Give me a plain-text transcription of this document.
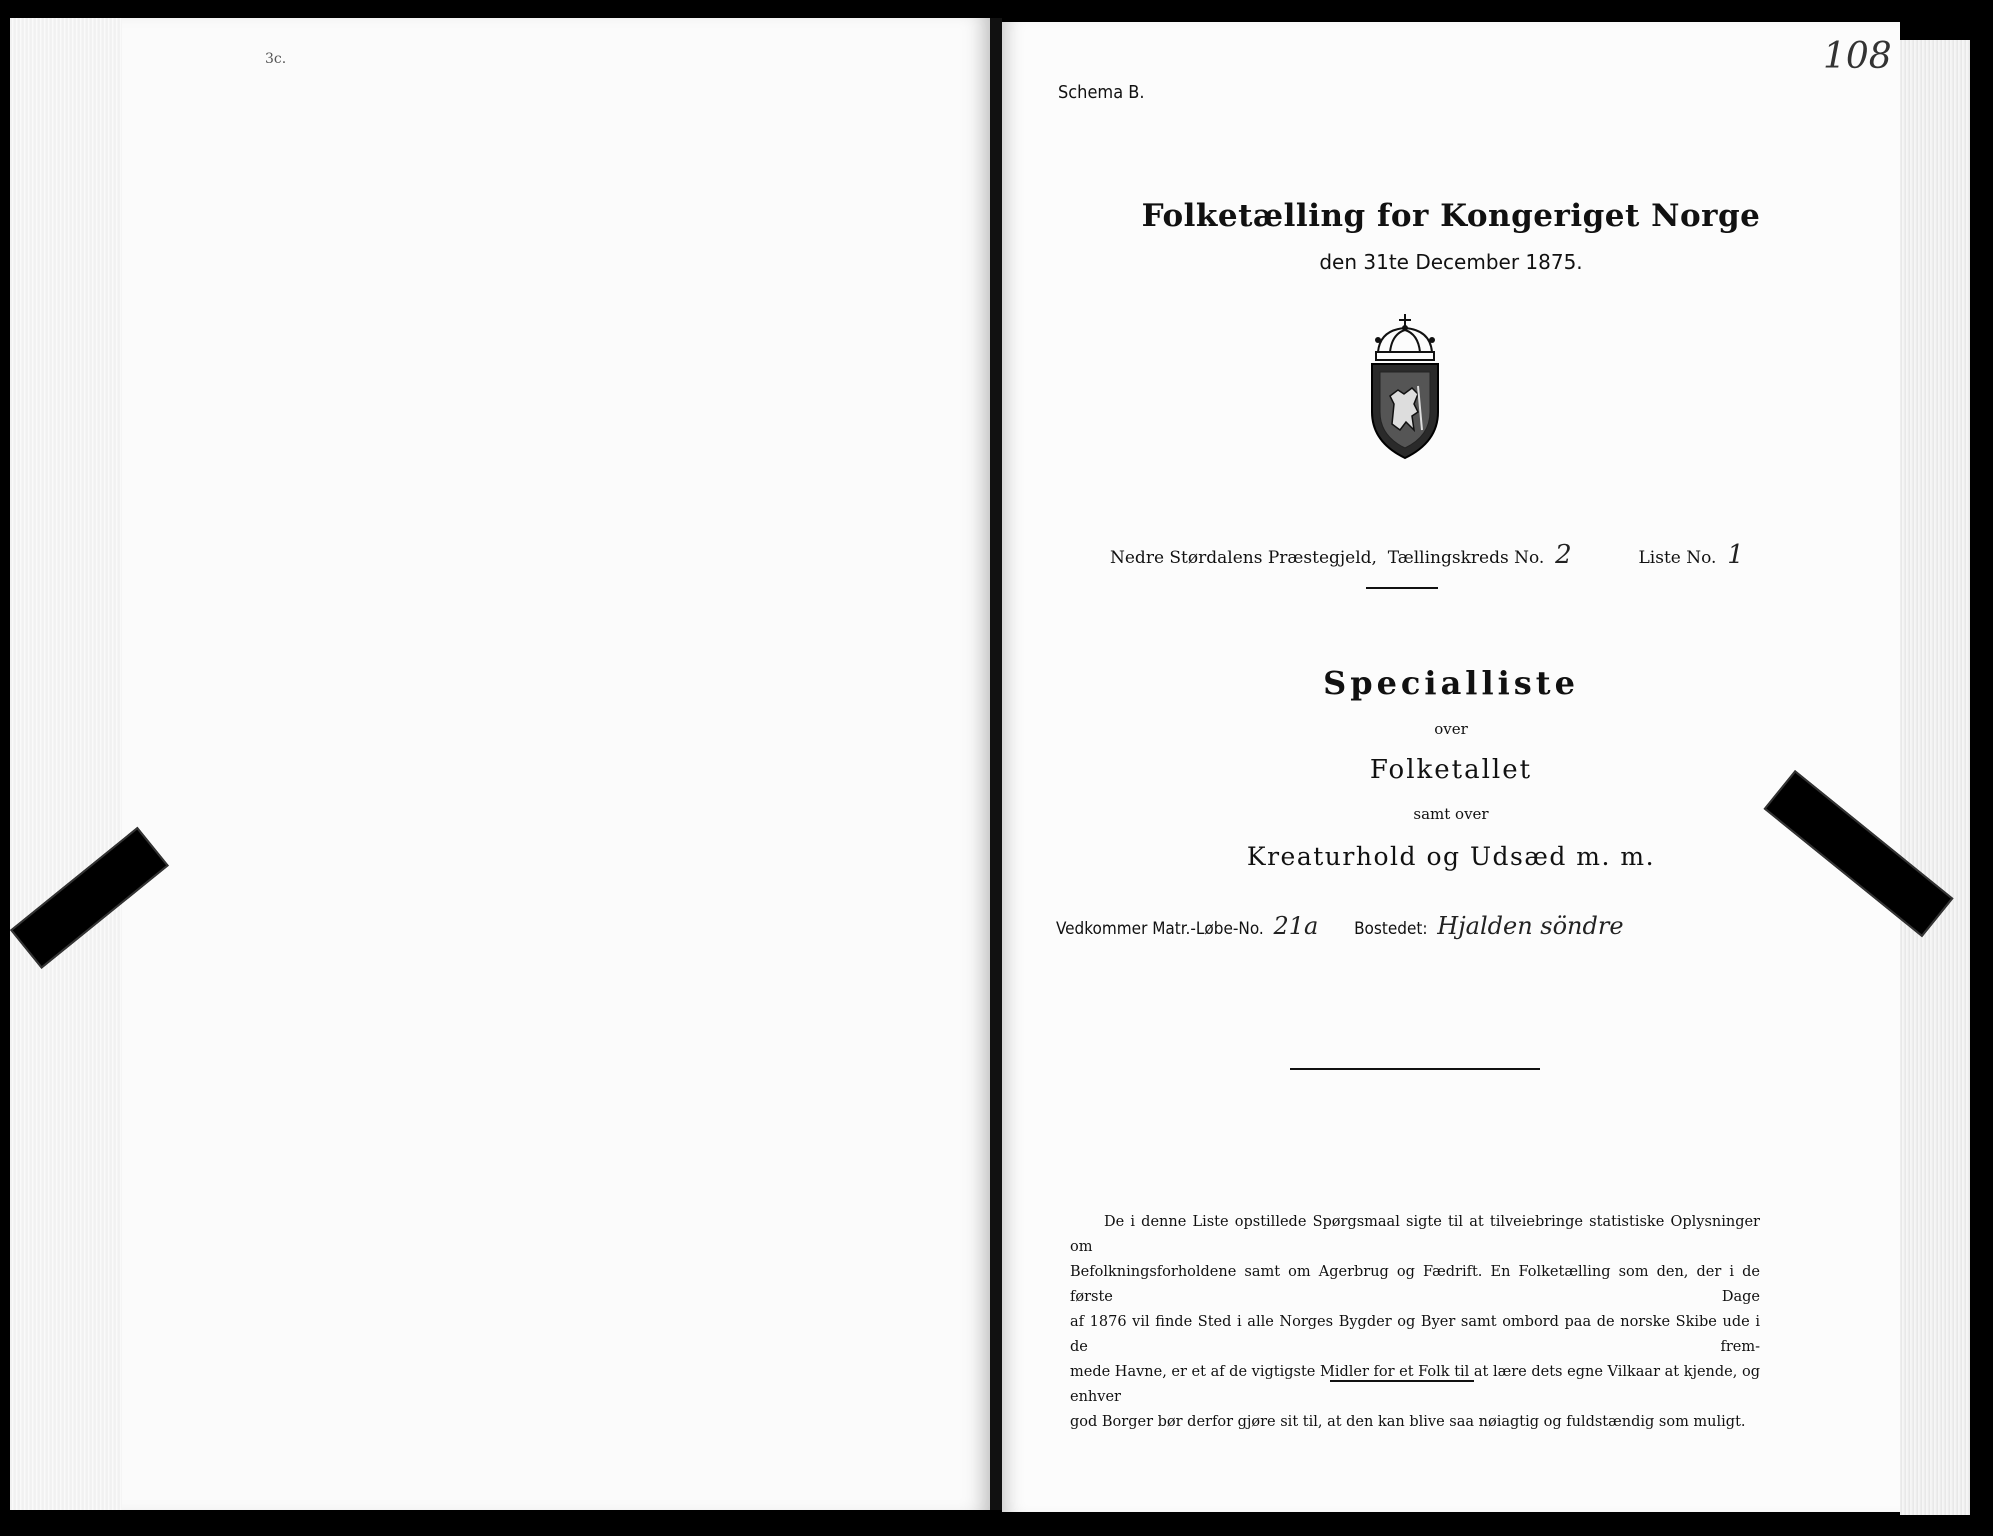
3c.	108
Schema B.
Folketælling for Kongeriget Norge
den 31te December 1875.
Nedre Størdalens Præstegjeld, Tællingskreds No. 2	Liste No. 1
Specialliste
over
Folketallet
samt over
Kreaturhold og Udsæd m. m.
Vedkommer Matr.-Løbe-No. 21a Bostedet: Hjalden söndre
De i denne Liste opstillede Spørgsmaal sigte til at tilveiebringe statistiske Oplysninger om
Befolkningsforholdene samt om Agerbrug og Fædrift. En Folketælling som den, der i de første Dage
af 1876 vil finde Sted i alle Norges Bygder og Byer samt ombord paa de norske Skibe ude i de frem-
mede Havne, er et af de vigtigste Midler for et Folk til at lære dets egne Vilkaar at kjende, og enhver
god Borger bør derfor gjøre sit til, at den kan blive saa nøiagtig og fuldstændig som muligt.
